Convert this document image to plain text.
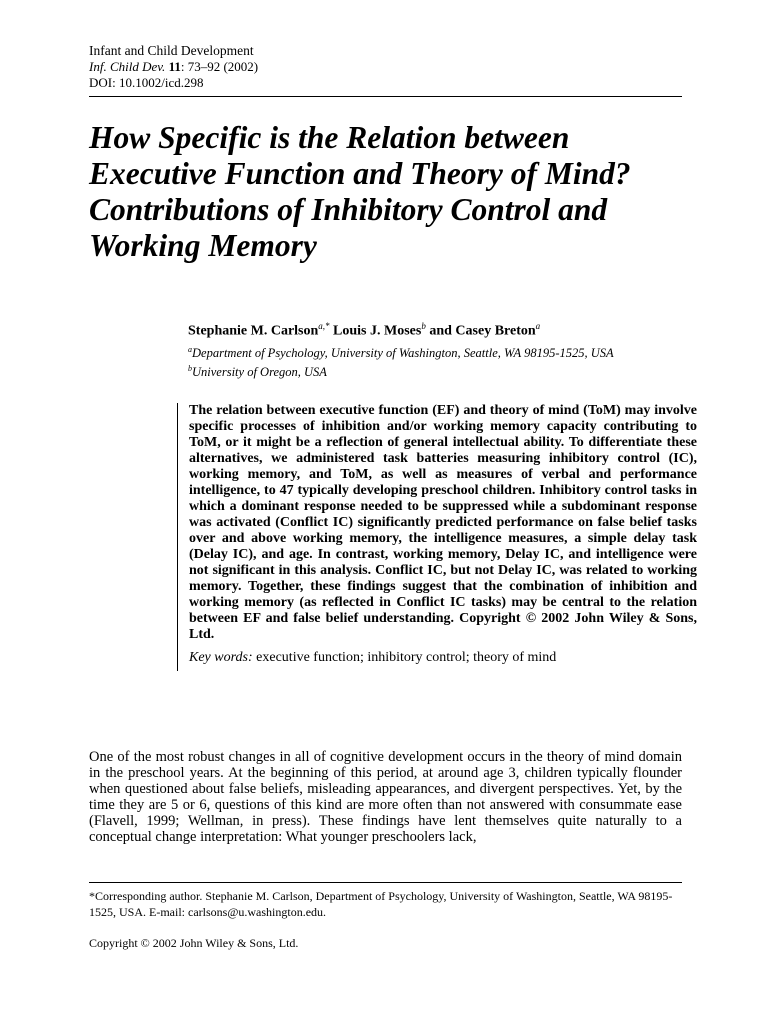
Infant and Child Development
Inf. Child Dev. 11: 73–92 (2002)
DOI: 10.1002/icd.298
How Specific is the Relation between Executive Function and Theory of Mind? Contributions of Inhibitory Control and Working Memory
Stephanie M. Carlson$^{a,*}$ Louis J. Moses$^b$ and Casey Breton$^a$
$^a$Department of Psychology, University of Washington, Seattle, WA 98195-1525, USA
$^b$University of Oregon, USA

The relation between executive function (EF) and theory of mind (ToM) may involve specific processes of inhibition and/or working memory capacity contributing to ToM, or it might be a reflection of general intellectual ability. To differentiate these alternatives, we administered task batteries measuring inhibitory control (IC), working memory, and ToM, as well as measures of verbal and performance intelligence, to 47 typically developing preschool children. Inhibitory control tasks in which a dominant response needed to be suppressed while a subdominant response was activated (Conflict IC) significantly predicted performance on false belief tasks over and above working memory, the intelligence measures, a simple delay task (Delay IC), and age. In contrast, working memory, Delay IC, and intelligence were not significant in this analysis. Conflict IC, but not Delay IC, was related to working memory. Together, these findings suggest that the combination of inhibition and working memory (as reflected in Conflict IC tasks) may be central to the relation between EF and false belief understanding. Copyright © 2002 John Wiley & Sons, Ltd.

Key words: executive function; inhibitory control; theory of mind

One of the most robust changes in all of cognitive development occurs in the theory of mind domain in the preschool years. At the beginning of this period, at around age 3, children typically flounder when questioned about false beliefs, misleading appearances, and divergent perspectives. Yet, by the time they are 5 or 6, questions of this kind are more often than not answered with consummate ease (Flavell, 1999; Wellman, in press). These findings have lent themselves quite naturally to a conceptual change interpretation: What younger preschoolers lack,

*Corresponding author. Stephanie M. Carlson, Department of Psychology, University of Washington, Seattle, WA 98195-1525, USA. E-mail: carlsons@u.washington.edu.

Copyright © 2002 John Wiley & Sons, Ltd.
